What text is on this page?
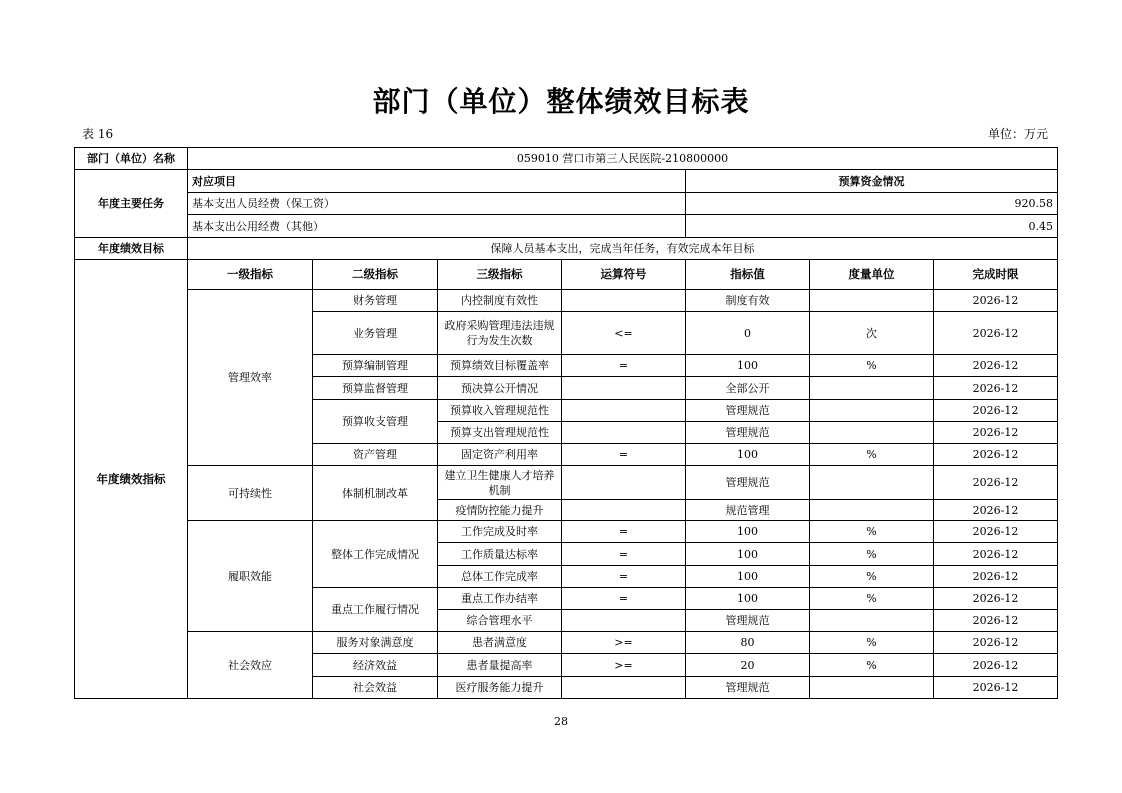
部门（单位）整体绩效目标表
表 16	单位：万元
部门（单位）名称	059010 营口市第三人民医院-210800000						
年度主要任务	对应项目				预算资金情况		
	基本支出人员经费（保工资）				920.58		
	基本支出公用经费（其他）				0.45		
年度绩效目标	保障人员基本支出，完成当年任务，有效完成本年目标						
年度绩效指标	一级指标	二级指标	三级指标	运算符号	指标值	度量单位	完成时限
	管理效率	财务管理	内控制度有效性		制度有效		2026-12
		业务管理	政府采购管理违法违规行为发生次数	<=	0	次	2026-12
		预算编制管理	预算绩效目标覆盖率	=	100	%	2026-12
		预算监督管理	预决算公开情况		全部公开		2026-12
		预算收支管理	预算收入管理规范性		管理规范		2026-12
			预算支出管理规范性		管理规范		2026-12
		资产管理	固定资产利用率	=	100	%	2026-12
	可持续性	体制机制改革	建立卫生健康人才培养机制		管理规范		2026-12
			疫情防控能力提升		规范管理		2026-12
	履职效能	整体工作完成情况	工作完成及时率	=	100	%	2026-12
			工作质量达标率	=	100	%	2026-12
			总体工作完成率	=	100	%	2026-12
		重点工作履行情况	重点工作办结率	=	100	%	2026-12
			综合管理水平		管理规范		2026-12
	社会效应	服务对象满意度	患者满意度	>=	80	%	2026-12
		经济效益	患者量提高率	>=	20	%	2026-12
		社会效益	医疗服务能力提升		管理规范		2026-12
28
